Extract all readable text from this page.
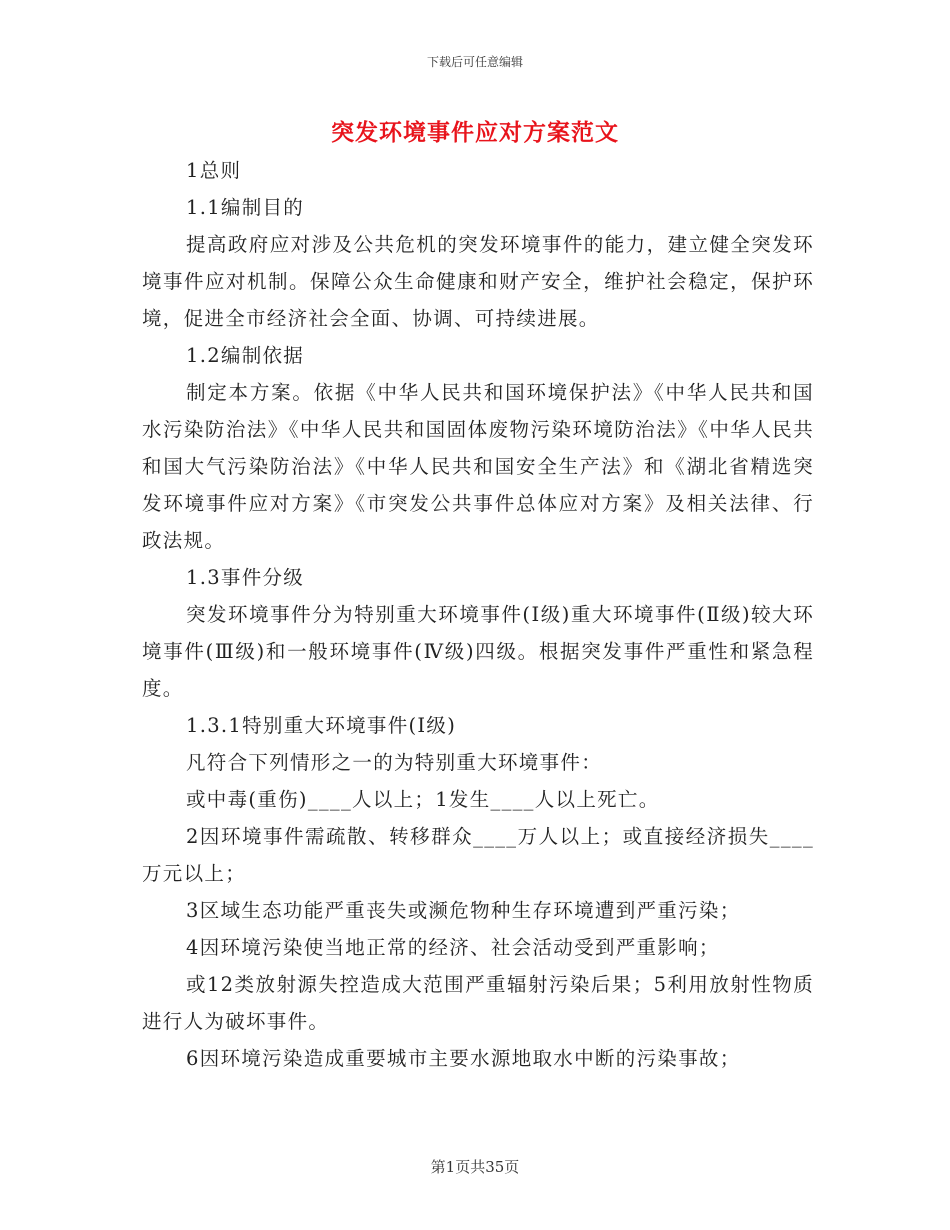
下载后可任意编辑
突发环境事件应对方案范文

1总则

1.1编制目的

提高政府应对涉及公共危机的突发环境事件的能力，建立健全突发环境事件应对机制。保障公众生命健康和财产安全，维护社会稳定，保护环境，促进全市经济社会全面、协调、可持续进展。

1.2编制依据

制定本方案。依据《中华人民共和国环境保护法》《中华人民共和国水污染防治法》《中华人民共和国固体废物污染环境防治法》《中华人民共和国大气污染防治法》《中华人民共和国安全生产法》和《湖北省精选突发环境事件应对方案》《市突发公共事件总体应对方案》及相关法律、行政法规。

1.3事件分级

突发环境事件分为特别重大环境事件(Ⅰ级)重大环境事件(Ⅱ级)较大环境事件(Ⅲ级)和一般环境事件(Ⅳ级)四级。根据突发事件严重性和紧急程度。

1.3.1特别重大环境事件(Ⅰ级)

凡符合下列情形之一的为特别重大环境事件：

或中毒(重伤)____人以上；1发生____人以上死亡。

2因环境事件需疏散、转移群众____万人以上；或直接经济损失____万元以上；

3区域生态功能严重丧失或濒危物种生存环境遭到严重污染；

4因环境污染使当地正常的经济、社会活动受到严重影响；

或12类放射源失控造成大范围严重辐射污染后果；5利用放射性物质进行人为破坏事件。

6因环境污染造成重要城市主要水源地取水中断的污染事故；

第1页共35页
